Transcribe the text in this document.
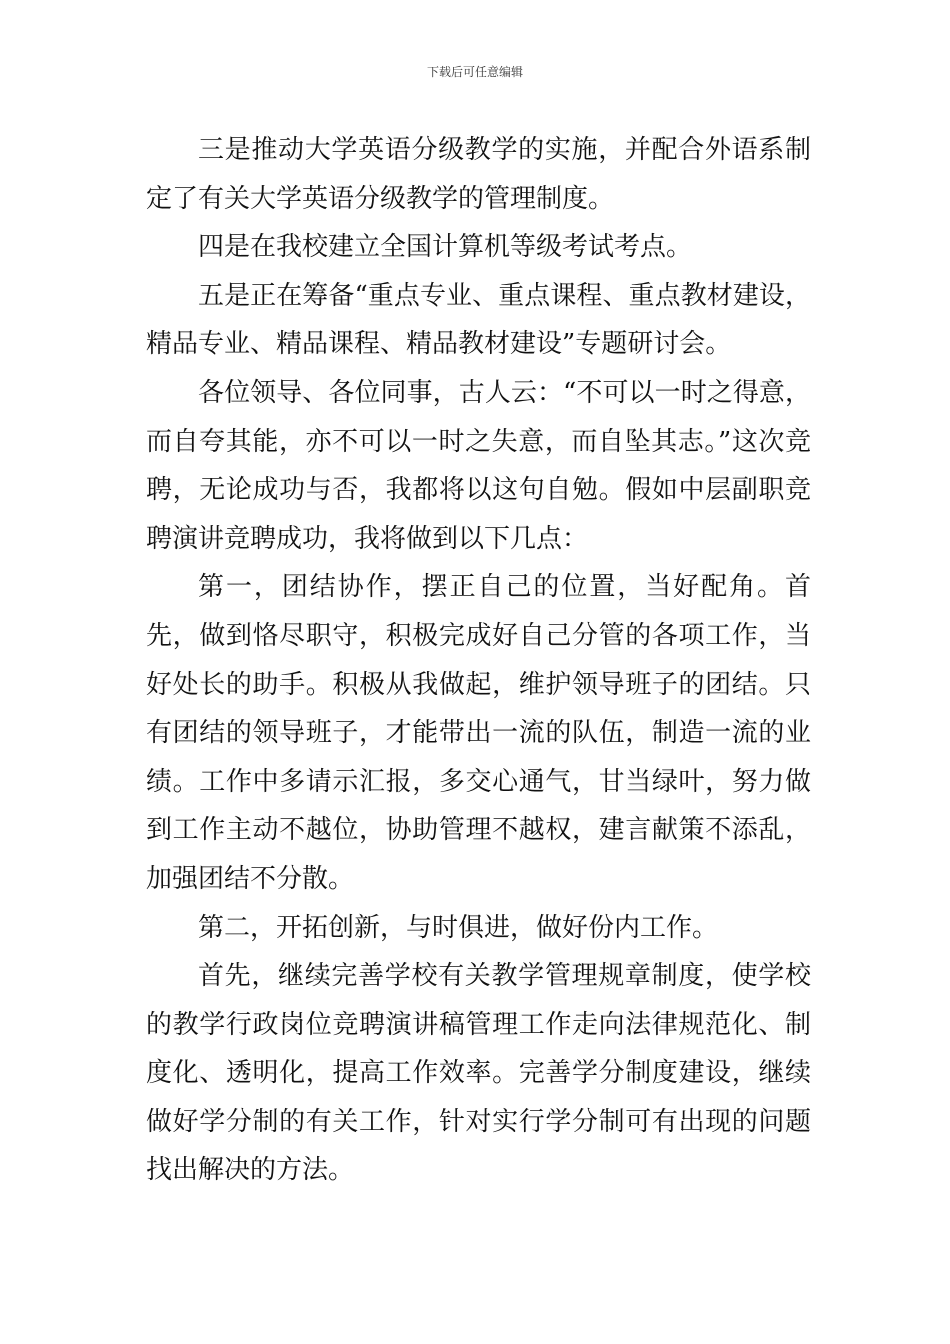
下载后可任意编辑

三是推动大学英语分级教学的实施，并配合外语系制定了有关大学英语分级教学的管理制度。

四是在我校建立全国计算机等级考试考点。

五是正在筹备“重点专业、重点课程、重点教材建设，精品专业、精品课程、精品教材建设”专题研讨会。

各位领导、各位同事，古人云：“不可以一时之得意，而自夸其能，亦不可以一时之失意，而自坠其志。”这次竞聘，无论成功与否，我都将以这句自勉。假如中层副职竞聘演讲竞聘成功，我将做到以下几点：

第一，团结协作，摆正自己的位置，当好配角。首先，做到恪尽职守，积极完成好自己分管的各项工作，当好处长的助手。积极从我做起，维护领导班子的团结。只有团结的领导班子，才能带出一流的队伍，制造一流的业绩。工作中多请示汇报，多交心通气，甘当绿叶，努力做到工作主动不越位，协助管理不越权，建言献策不添乱，加强团结不分散。

第二，开拓创新，与时俱进，做好份内工作。

首先，继续完善学校有关教学管理规章制度，使学校的教学行政岗位竞聘演讲稿管理工作走向法律规范化、制度化、透明化，提高工作效率。完善学分制度建设，继续做好学分制的有关工作，针对实行学分制可有出现的问题找出解决的方法。
